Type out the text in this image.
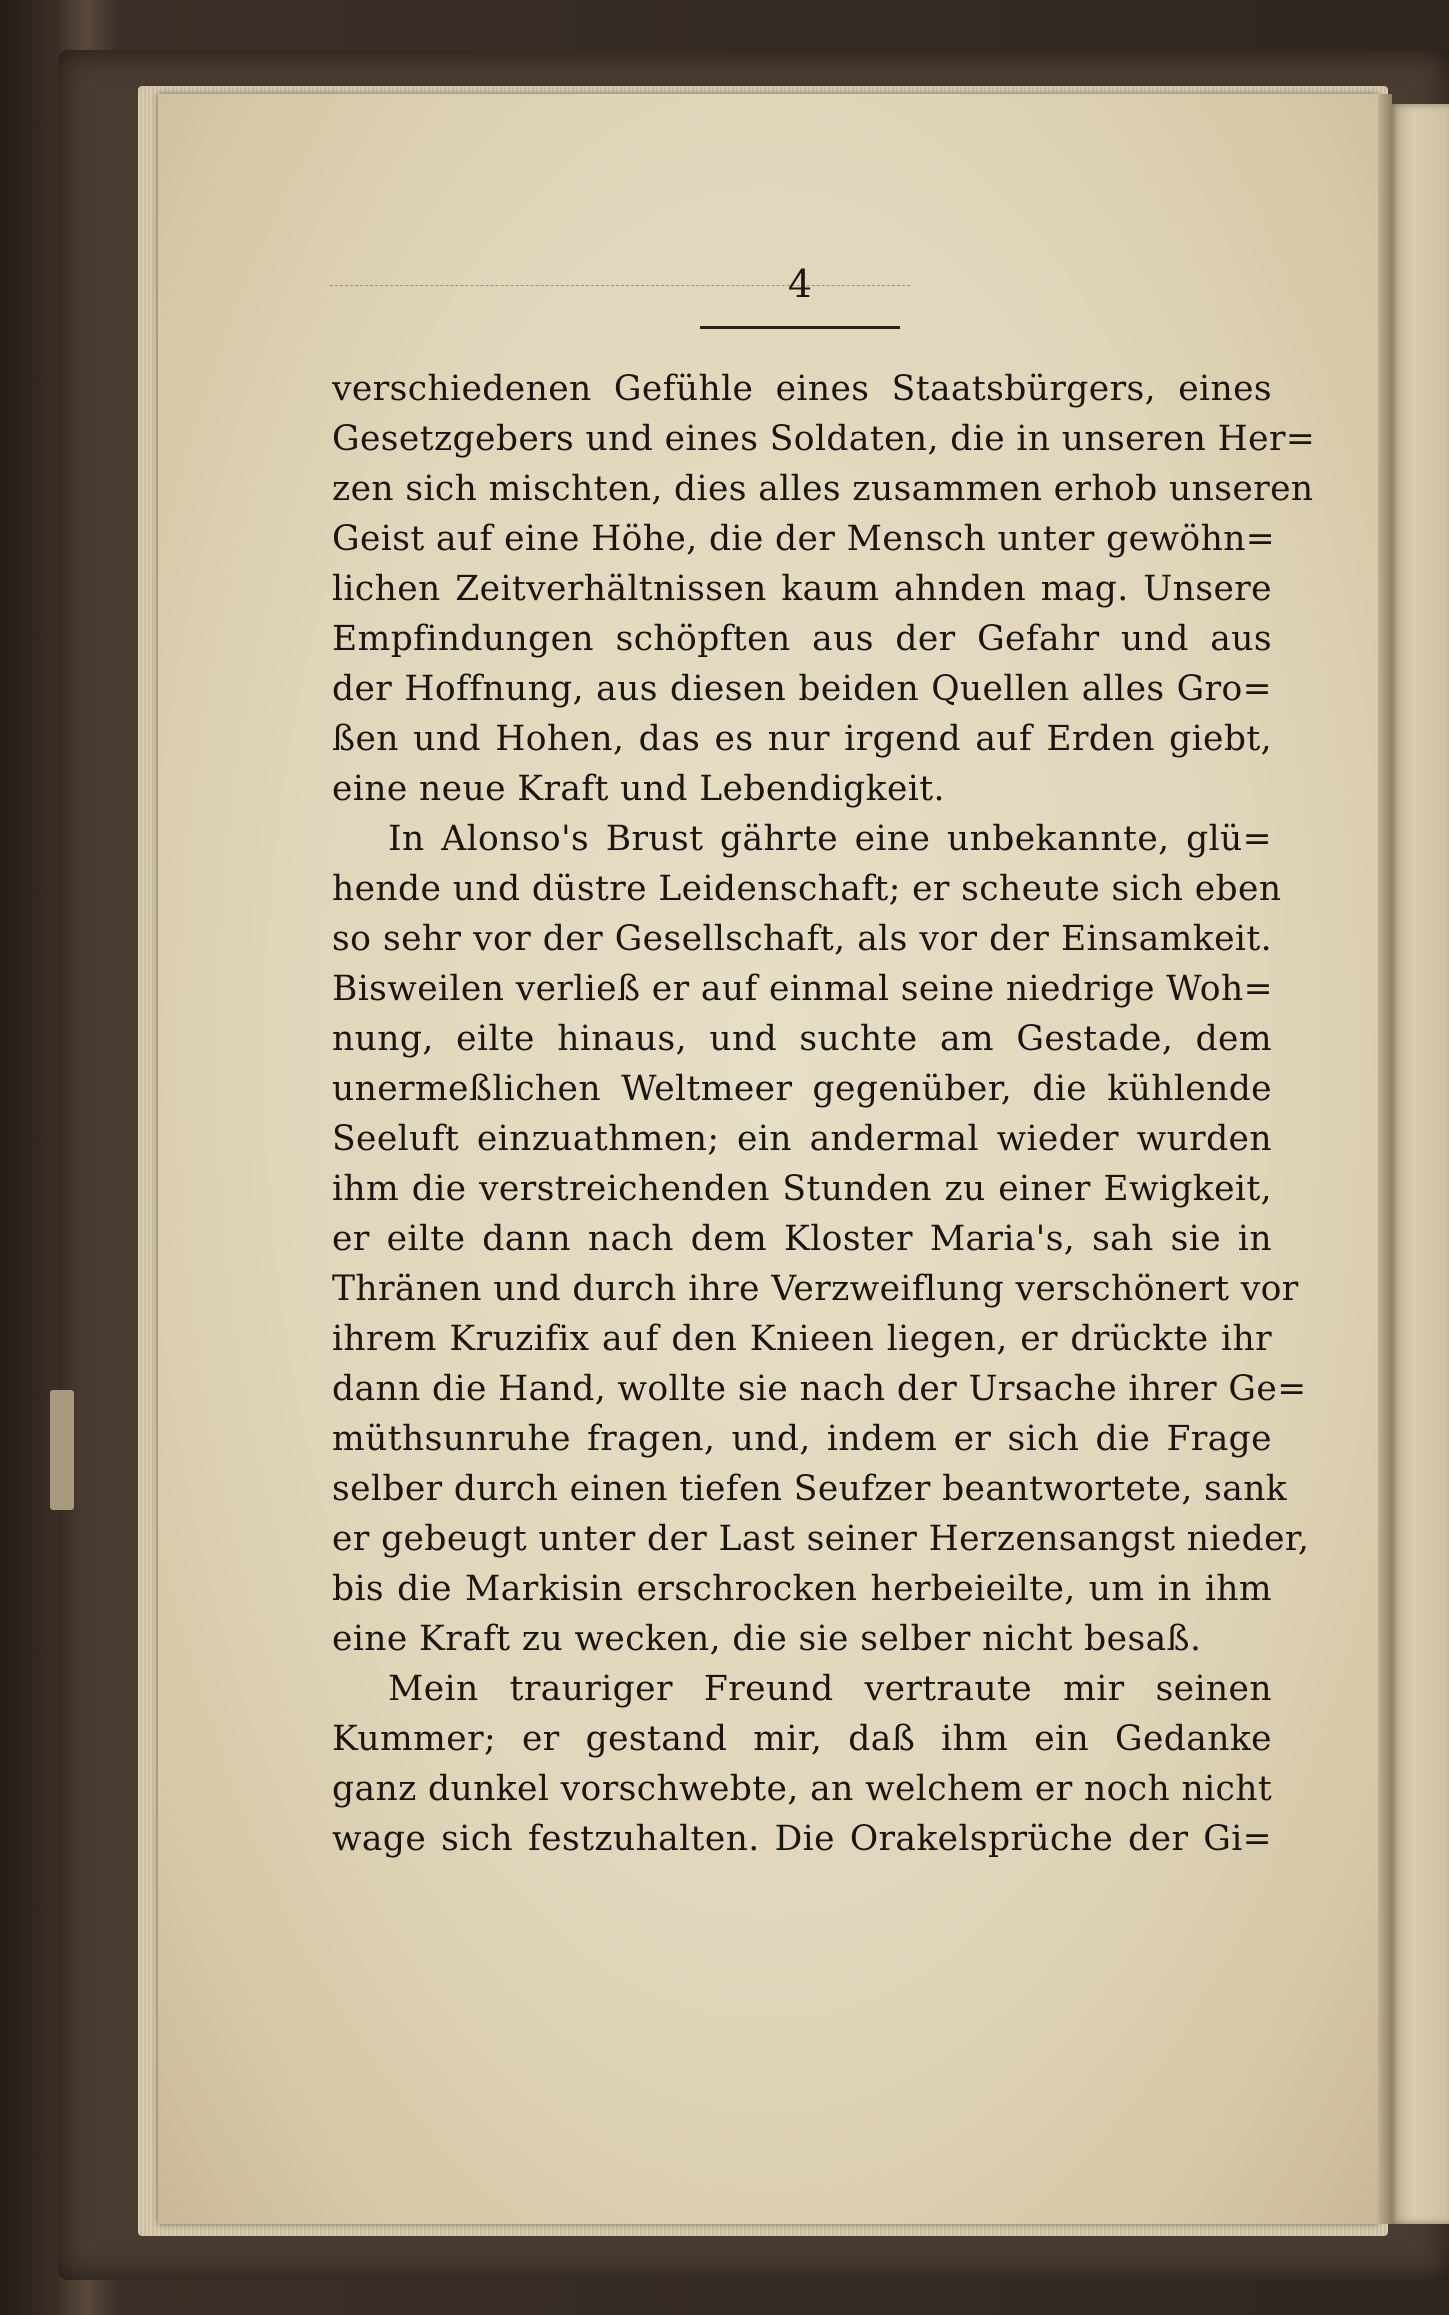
4
verschiedenen Gefühle eines Staatsbürgers, eines
Gesetzgebers und eines Soldaten, die in unseren Her=
zen sich mischten, dies alles zusammen erhob unseren
Geist auf eine Höhe, die der Mensch unter gewöhn=
lichen Zeitverhältnissen kaum ahnden mag. Unsere
Empfindungen schöpften aus der Gefahr und aus
der Hoffnung, aus diesen beiden Quellen alles Gro=
ßen und Hohen, das es nur irgend auf Erden giebt,
eine neue Kraft und Lebendigkeit.
In Alonso's Brust gährte eine unbekannte, glü=
hende und düstre Leidenschaft; er scheute sich eben
so sehr vor der Gesellschaft, als vor der Einsamkeit.
Bisweilen verließ er auf einmal seine niedrige Woh=
nung, eilte hinaus, und suchte am Gestade, dem
unermeßlichen Weltmeer gegenüber, die kühlende
Seeluft einzuathmen; ein andermal wieder wurden
ihm die verstreichenden Stunden zu einer Ewigkeit,
er eilte dann nach dem Kloster Maria's, sah sie in
Thränen und durch ihre Verzweiflung verschönert vor
ihrem Kruzifix auf den Knieen liegen, er drückte ihr
dann die Hand, wollte sie nach der Ursache ihrer Ge=
müthsunruhe fragen, und, indem er sich die Frage
selber durch einen tiefen Seufzer beantwortete, sank
er gebeugt unter der Last seiner Herzensangst nieder,
bis die Markisin erschrocken herbeieilte, um in ihm
eine Kraft zu wecken, die sie selber nicht besaß.
Mein trauriger Freund vertraute mir seinen
Kummer; er gestand mir, daß ihm ein Gedanke
ganz dunkel vorschwebte, an welchem er noch nicht
wage sich festzuhalten. Die Orakelsprüche der Gi=
